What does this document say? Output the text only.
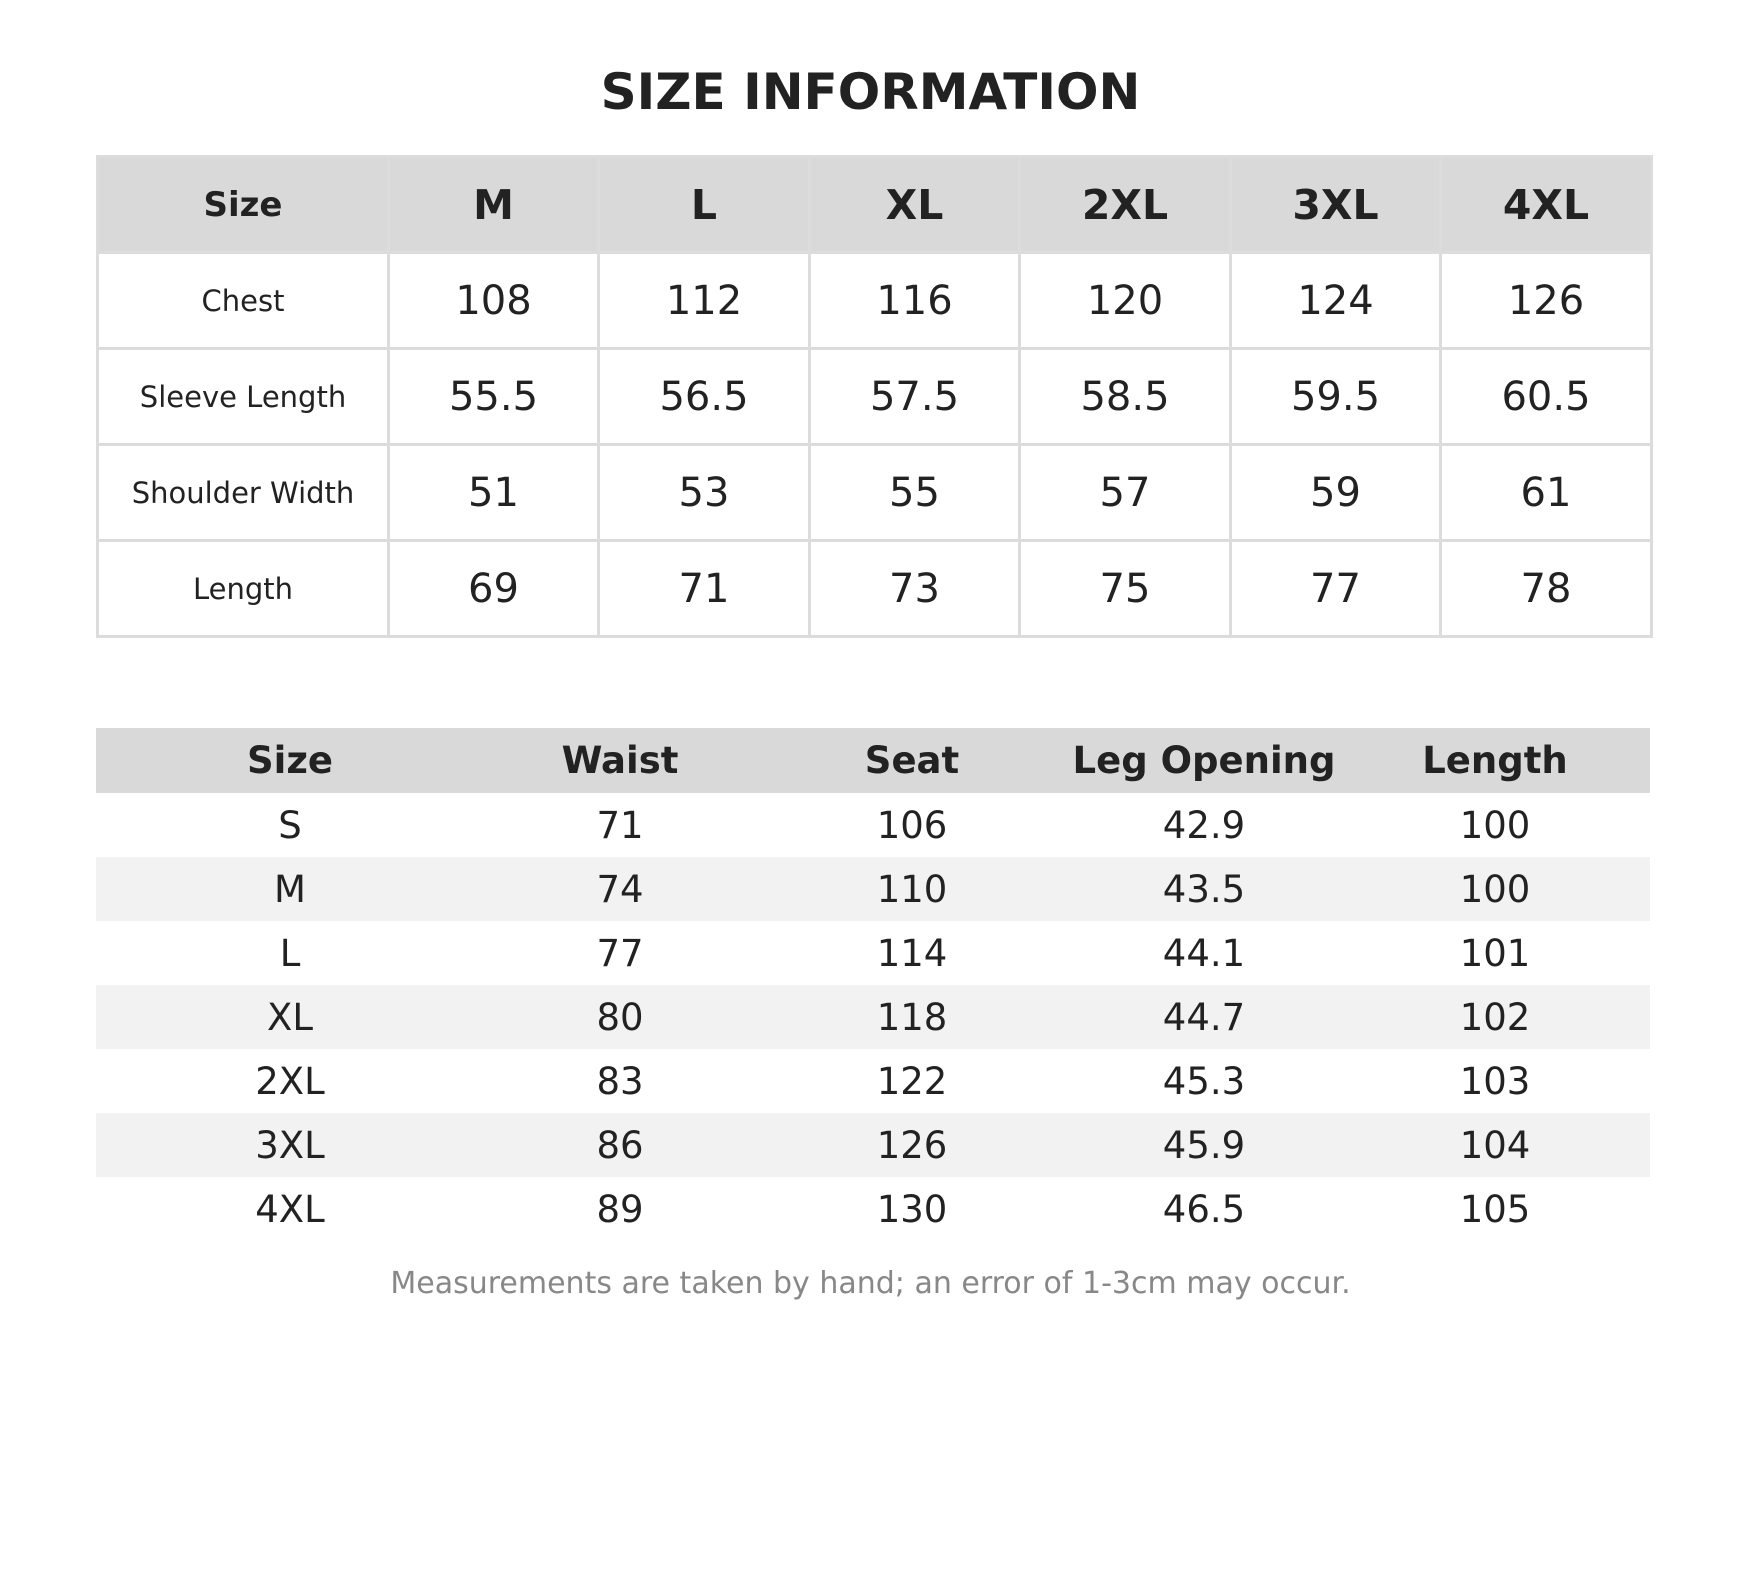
SIZE INFORMATION
Size	M	L	XL	2XL	3XL	4XL
Chest	108	112	116	120	124	126
Sleeve Length	55.5	56.5	57.5	58.5	59.5	60.5
Shoulder Width	51	53	55	57	59	61
Length	69	71	73	75	77	78
Size	Waist	Seat	Leg Opening	Length
S	71	106	42.9	100
M	74	110	43.5	100
L	77	114	44.1	101
XL	80	118	44.7	102
2XL	83	122	45.3	103
3XL	86	126	45.9	104
4XL	89	130	46.5	105

Measurements are taken by hand; an error of 1-3cm may occur.
